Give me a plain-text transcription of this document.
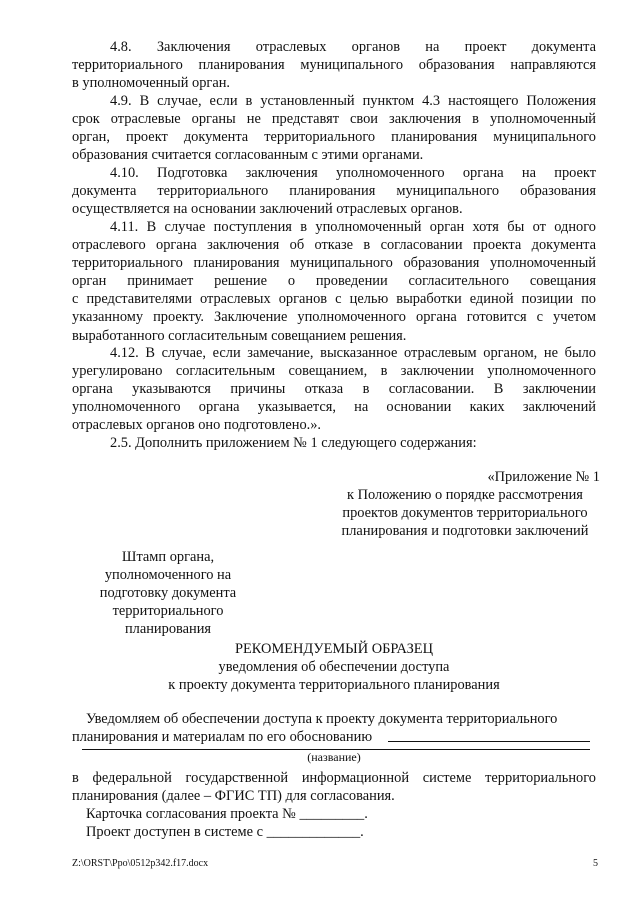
4.8. Заключения отраслевых органов на проект документа
территориального планирования муниципального образования направляются
в уполномоченный орган.
4.9. В случае, если в установленный пунктом 4.3 настоящего Положения
срок отраслевые органы не представят свои заключения в уполномоченный
орган, проект документа территориального планирования муниципального
образования считается согласованным с этими органами.
4.10. Подготовка заключения уполномоченного органа на проект
документа территориального планирования муниципального образования
осуществляется на основании заключений отраслевых органов.
4.11. В случае поступления в уполномоченный орган хотя бы от одного
отраслевого органа заключения об отказе в согласовании проекта документа
территориального планирования муниципального образования уполномоченный
орган принимает решение о проведении согласительного совещания
с представителями отраслевых органов с целью выработки единой позиции по
указанному проекту. Заключение уполномоченного органа готовится с учетом
выработанного согласительным совещанием решения.
4.12. В случае, если замечание, высказанное отраслевым органом, не было
урегулировано согласительным совещанием, в заключении уполномоченного
органа указываются причины отказа в согласовании. В заключении
уполномоченного органа указывается, на основании каких заключений
отраслевых органов оно подготовлено.».
2.5. Дополнить приложением № 1 следующего содержания:
«Приложение № 1
к Положению о порядке рассмотрения
проектов документов территориального
планирования и подготовки заключений
Штамп органа,
уполномоченного на
подготовку документа
территориального
планирования
РЕКОМЕНДУЕМЫЙ ОБРАЗЕЦ
уведомления об обеспечении доступа
к проекту документа территориального планирования
Уведомляем об обеспечении доступа к проекту документа территориального
планирования и материалам по его обоснованию
(название)
в федеральной государственной информационной системе территориального
планирования (далее – ФГИС ТП) для согласования.
Карточка согласования проекта № _________.
Проект доступен в системе с _____________.
Z:\ORST\Ppo\0512p342.f17.docx	5
